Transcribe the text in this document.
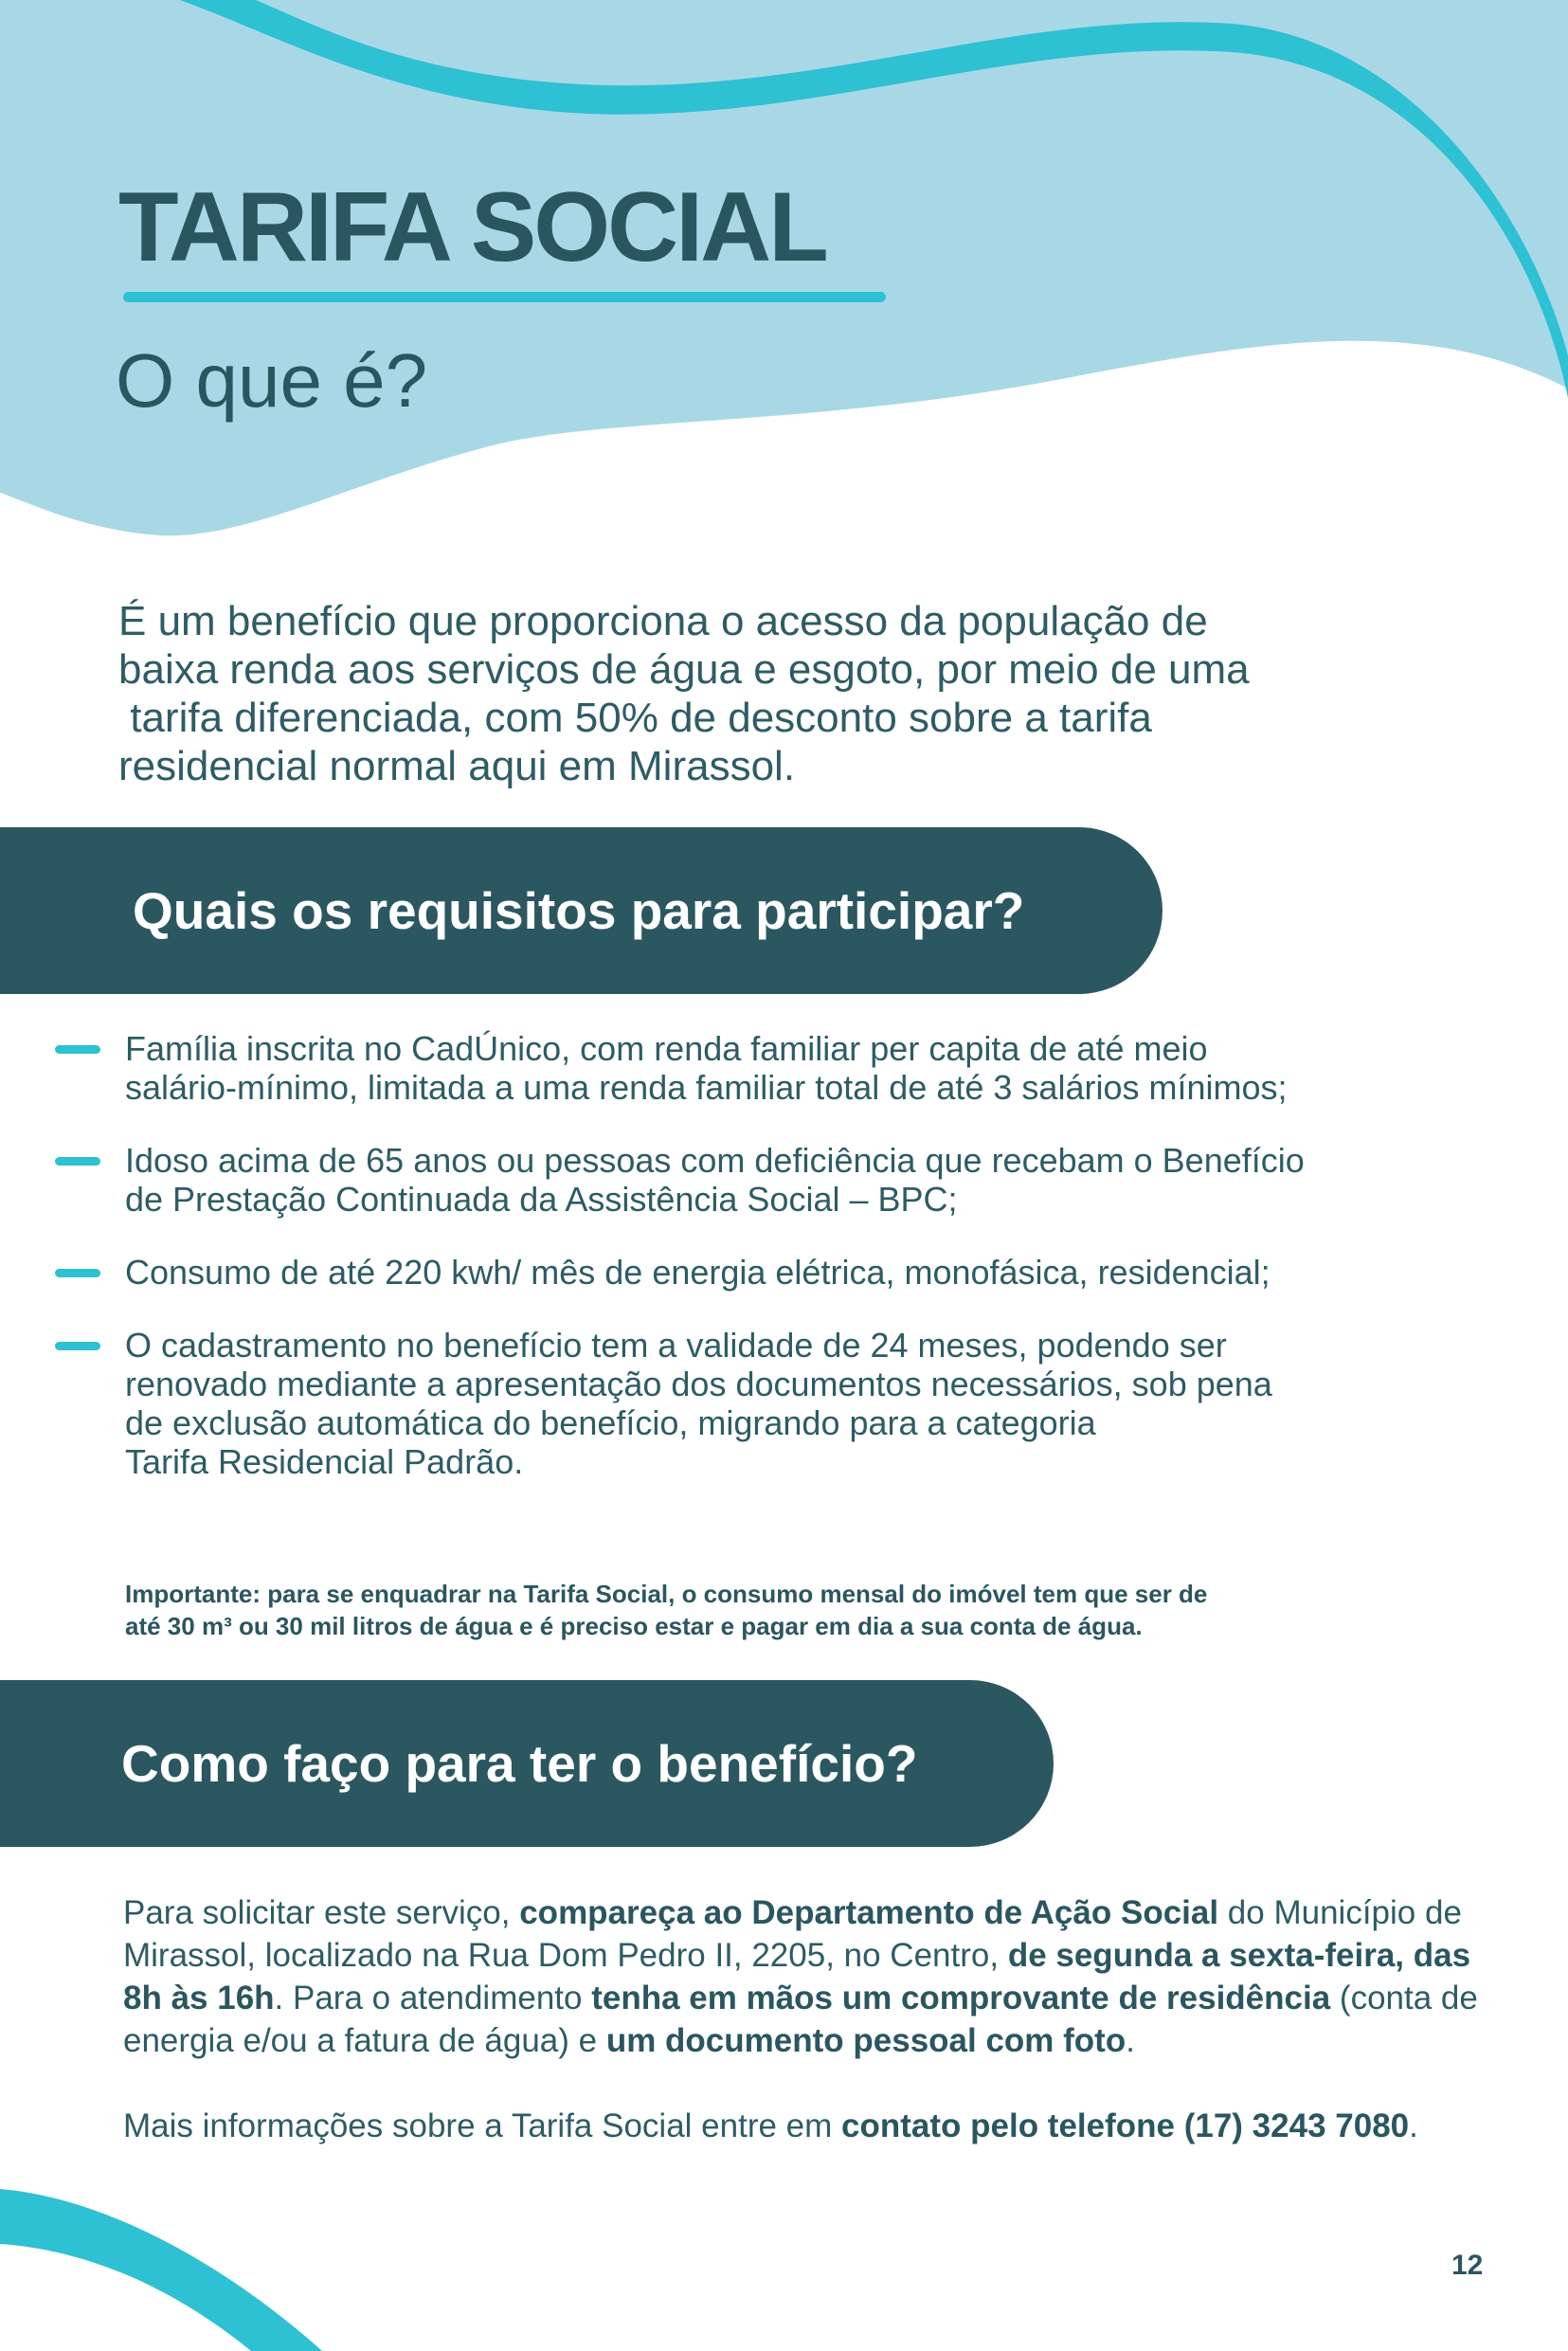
TARIFA SOCIAL
O que é?
É um benefício que proporciona o acesso da população de
baixa renda aos serviços de água e esgoto, por meio de uma
tarifa diferenciada, com 50% de desconto sobre a tarifa
residencial normal aqui em Mirassol.
Quais os requisitos para participar?
Família inscrita no CadÚnico, com renda familiar per capita de até meio
salário-mínimo, limitada a uma renda familiar total de até 3 salários mínimos;
Idoso acima de 65 anos ou pessoas com deficiência que recebam o Benefício
de Prestação Continuada da Assistência Social – BPC;
Consumo de até 220 kwh/ mês de energia elétrica, monofásica, residencial;
O cadastramento no benefício tem a validade de 24 meses, podendo ser
renovado mediante a apresentação dos documentos necessários, sob pena
de exclusão automática do benefício, migrando para a categoria
Tarifa Residencial Padrão.
Importante: para se enquadrar na Tarifa Social, o consumo mensal do imóvel tem que ser de
até 30 m³ ou 30 mil litros de água e é preciso estar e pagar em dia a sua conta de água.
Como faço para ter o benefício?

Para solicitar este serviço, compareça ao Departamento de Ação Social do Município de Mirassol, localizado na Rua Dom Pedro II, 2205, no Centro, de segunda a sexta-feira, das 8h às 16h. Para o atendimento tenha em mãos um comprovante de residência (conta de energia e/ou a fatura de água) e um documento pessoal com foto.

Mais informações sobre a Tarifa Social entre em contato pelo telefone (17) 3243 7080.
12
